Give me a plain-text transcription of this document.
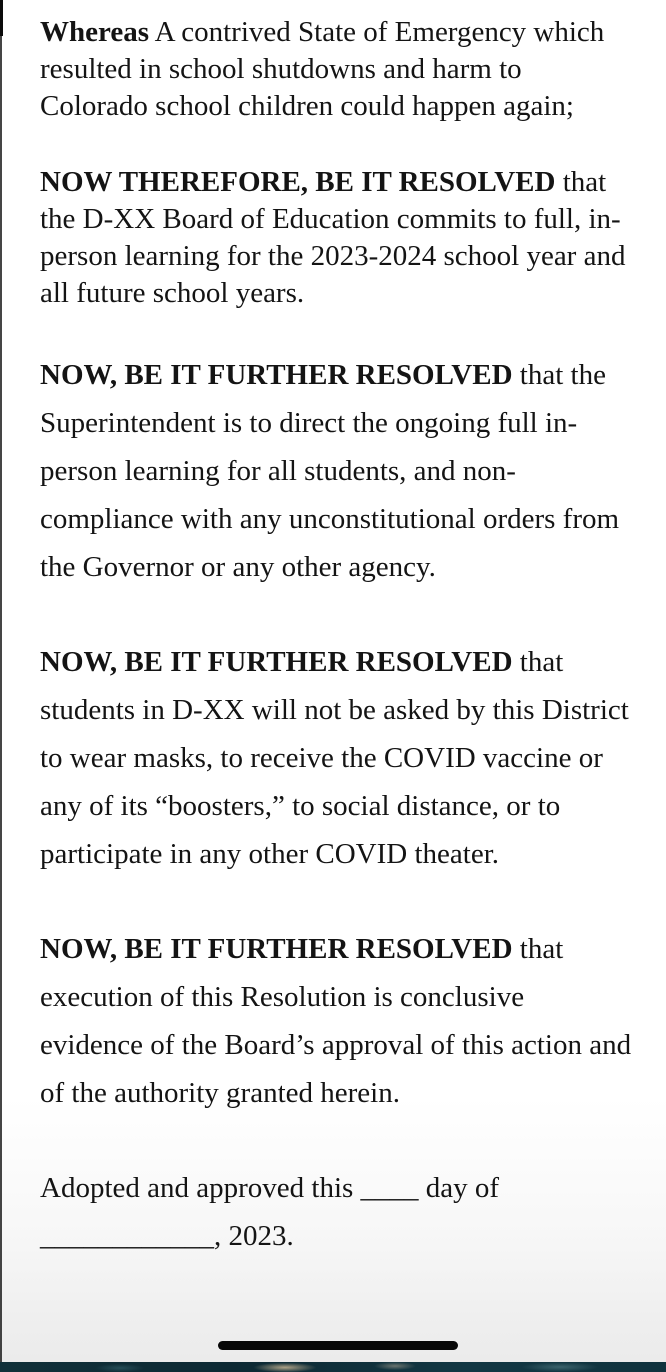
Whereas A contrived State of Emergency which resulted in school shutdowns and harm to Colorado school children could happen again;

NOW THEREFORE, BE IT RESOLVED that the D-XX Board of Education commits to full, in-person learning for the 2023-2024 school year and all future school years.

NOW, BE IT FURTHER RESOLVED that the Superintendent is to direct the ongoing full in-person learning for all students, and non-compliance with any unconstitutional orders from the Governor or any other agency.

NOW, BE IT FURTHER RESOLVED that students in D-XX will not be asked by this District to wear masks, to receive the COVID vaccine or any of its “boosters,” to social distance, or to participate in any other COVID theater.

NOW, BE IT FURTHER RESOLVED that execution of this Resolution is conclusive evidence of the Board’s approval of this action and of the authority granted herein.

Adopted and approved this ____ day of ____________, 2023.
